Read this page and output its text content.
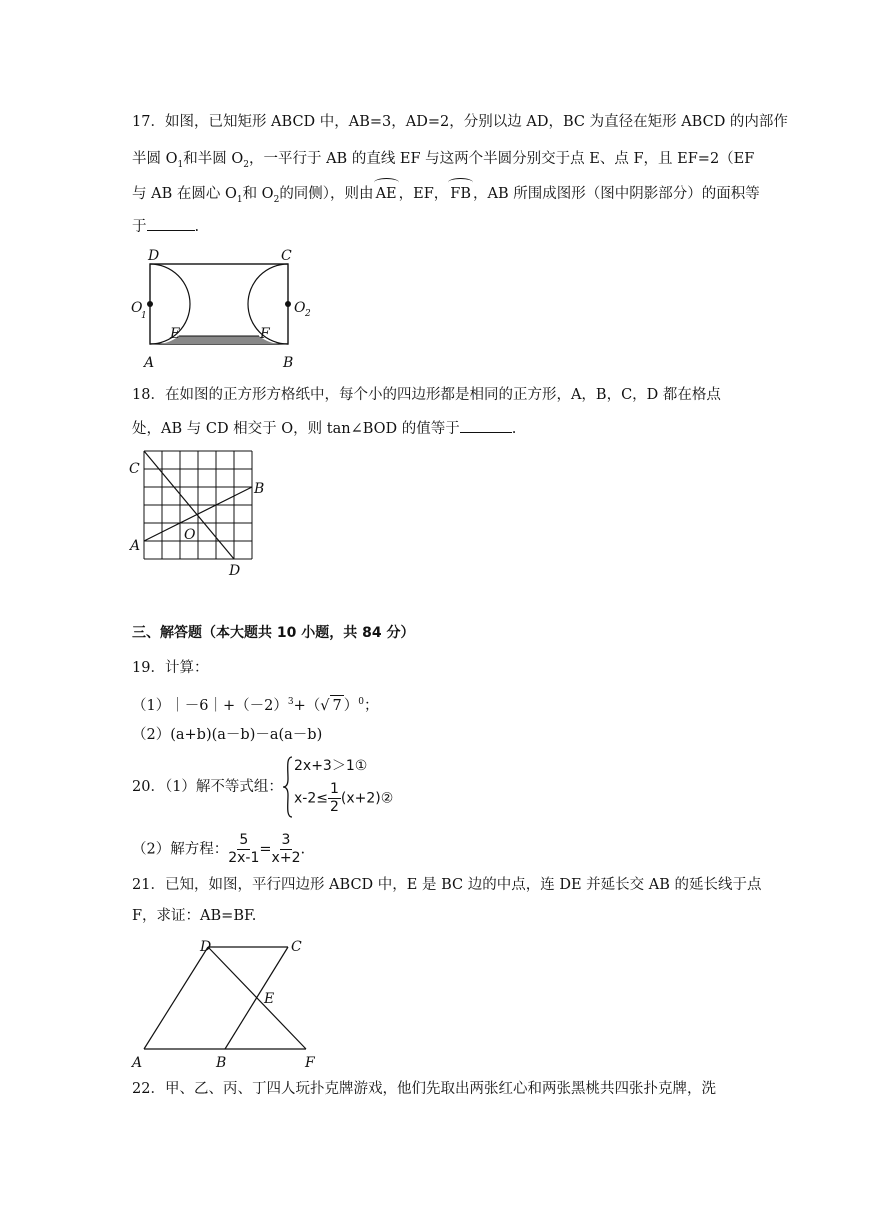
17．如图，已知矩形 ABCD 中，AB=3，AD=2，分别以边 AD，BC 为直径在矩形 ABCD 的内部作
半圆 $O_1$和半圆 $O_2$，一平行于 AB 的直线 EF 与这两个半圆分别交于点 E、点 F，且 EF=2（EF
与 AB 在圆心 $O_1$和 $O_2$的同侧），则由 AE ，EF， FB ，AB 所围成图形（图中阴影部分）的面积等
于	.
D	C
O
1	O 2
E	F
A	B
18．在如图的正方形方格纸中，每个小的四边形都是相同的正方形，A，B，C，D 都在格点
处，AB 与 CD 相交于 O，则 tan∠BOD 的值等于	.
C
B
A
O
D
三、解答题（本大题共 10 小题，共 84 分）
19．计算：
$(1)|-6|+(-2)^3+(√$ 7 ）$^0$；
（2）(a+b)(a－b)－a(a－b)
20．（1）解不等式组：
2x+3＞1①
$x-2\le \frac{1}{2}$ (x+2)②
（2）解方程： $\frac{5}{2x-1} = \frac{3}{x+2}$ .
21．已知，如图，平行四边形 ABCD 中，E 是 BC 边的中点，连 DE 并延长交 AB 的延长线于点
F，求证：AB=BF.
D	C
E
A	B	F
22．甲、乙、丙、丁四人玩扑克牌游戏，他们先取出两张红心和两张黑桃共四张扑克牌，洗
